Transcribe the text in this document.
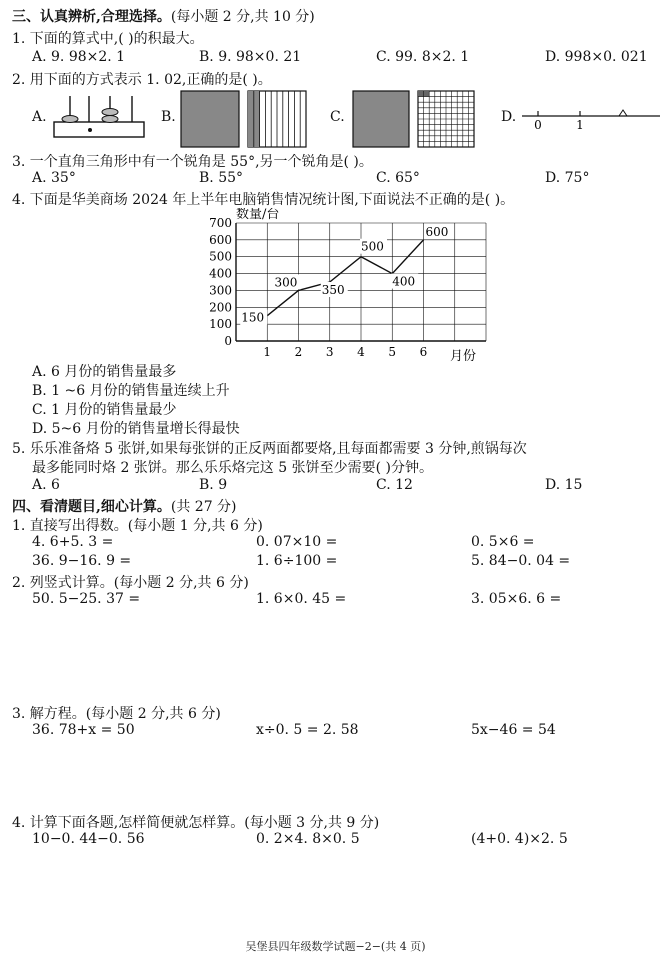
三、认真辨析,合理选择。(每小题 2 分,共 10 分)
1. 下面的算式中,( )的积最大。
A. 9. 98×2. 1	B. 9. 98×0. 21	C. 99. 8×2. 1	D. 998×0. 021
2. 用下面的方式表示 1. 02,正确的是( )。
A.	B.	C.	D. 0	1
3. 一个直角三角形中有一个锐角是 55°,另一个锐角是( )。
A. 35°	B. 55°	C. 65°	D. 75°
4. 下面是华美商场 2024 年上半年电脑销售情况统计图,下面说法不正确的是( )。
0
100
200
300
400
500
600
700
1 2 3 4 5 6
150
300
350
500
400
600
数量/台
月份
A. 6 月份的销售量最多
B. 1 ~6 月份的销售量连续上升
C. 1 月份的销售量最少
D. 5~6 月份的销售量增长得最快
5. 乐乐准备烙 5 张饼,如果每张饼的正反两面都要烙,且每面都需要 3 分钟,煎锅每次
最多能同时烙 2 张饼。那么乐乐烙完这 5 张饼至少需要( )分钟。
A. 6	B. 9	C. 12	D. 15
四、看清题目,细心计算。(共 27 分)
1. 直接写出得数。(每小题 1 分,共 6 分)
4. 6+5. 3 =	0. 07×10 =	0. 5×6 =
36. 9−16. 9 =	1. 6÷100 =	5. 84−0. 04 =
2. 列竖式计算。(每小题 2 分,共 6 分)
50. 5−25. 37 =	1. 6×0. 45 =	3. 05×6. 6 =
3. 解方程。(每小题 2 分,共 6 分)
36. 78+x = 50	x÷0. 5 = 2. 58	5x−46 = 54
4. 计算下面各题,怎样简便就怎样算。(每小题 3 分,共 9 分)
10−0. 44−0. 56	0. 2×4. 8×0. 5	(4+0. 4)×2. 5
吴堡县四年级数学试题−2−(共 4 页)
